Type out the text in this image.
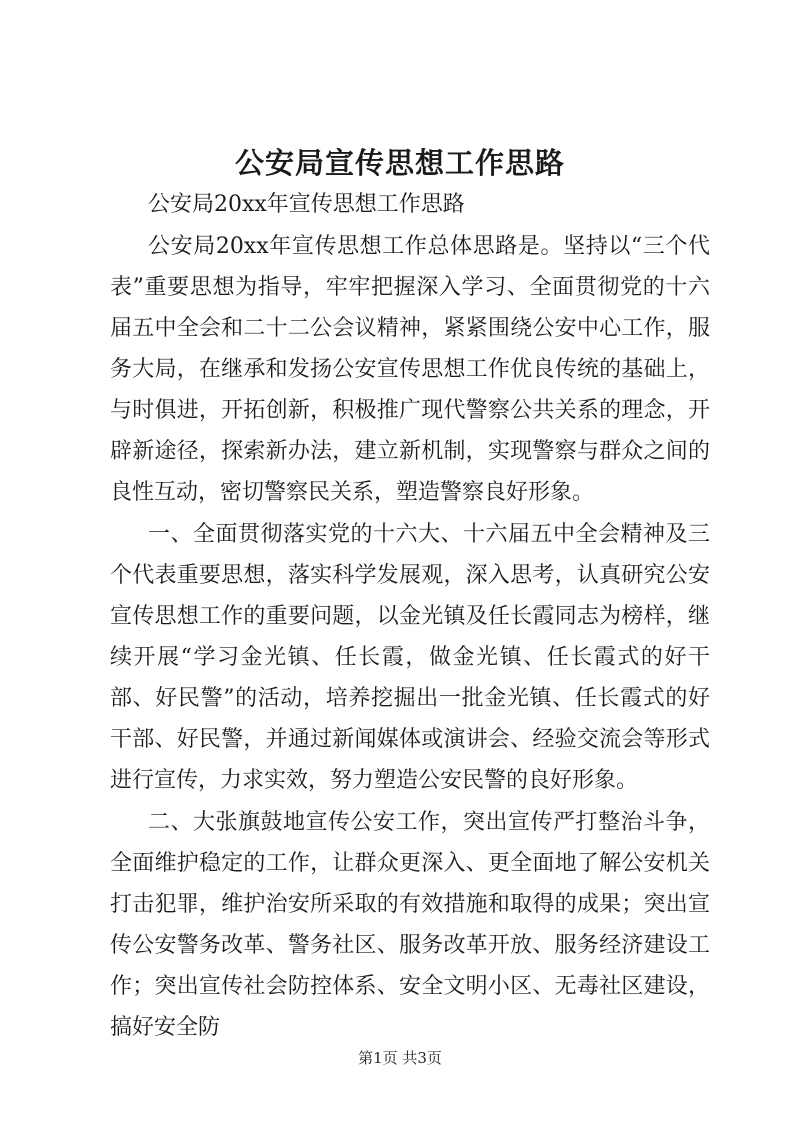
公安局宣传思想工作思路

公安局20xx年宣传思想工作思路

公安局20xx年宣传思想工作总体思路是。坚持以“三个代表”重要思想为指导，牢牢把握深入学习、全面贯彻党的十六届五中全会和二十二公会议精神，紧紧围绕公安中心工作，服务大局，在继承和发扬公安宣传思想工作优良传统的基础上，与时俱进，开拓创新，积极推广现代警察公共关系的理念，开辟新途径，探索新办法，建立新机制，实现警察与群众之间的良性互动，密切警察民关系，塑造警察良好形象。

一、全面贯彻落实党的十六大、十六届五中全会精神及三个代表重要思想，落实科学发展观，深入思考，认真研究公安宣传思想工作的重要问题，以金光镇及任长霞同志为榜样，继续开展“学习金光镇、任长霞，做金光镇、任长霞式的好干部、好民警”的活动，培养挖掘出一批金光镇、任长霞式的好干部、好民警，并通过新闻媒体或演讲会、经验交流会等形式进行宣传，力求实效，努力塑造公安民警的良好形象。

二、大张旗鼓地宣传公安工作，突出宣传严打整治斗争，全面维护稳定的工作，让群众更深入、更全面地了解公安机关打击犯罪，维护治安所采取的有效措施和取得的成果；突出宣传公安警务改革、警务社区、服务改革开放、服务经济建设工作；突出宣传社会防控体系、安全文明小区、无毒社区建设，搞好安全防

第1页 共3页
